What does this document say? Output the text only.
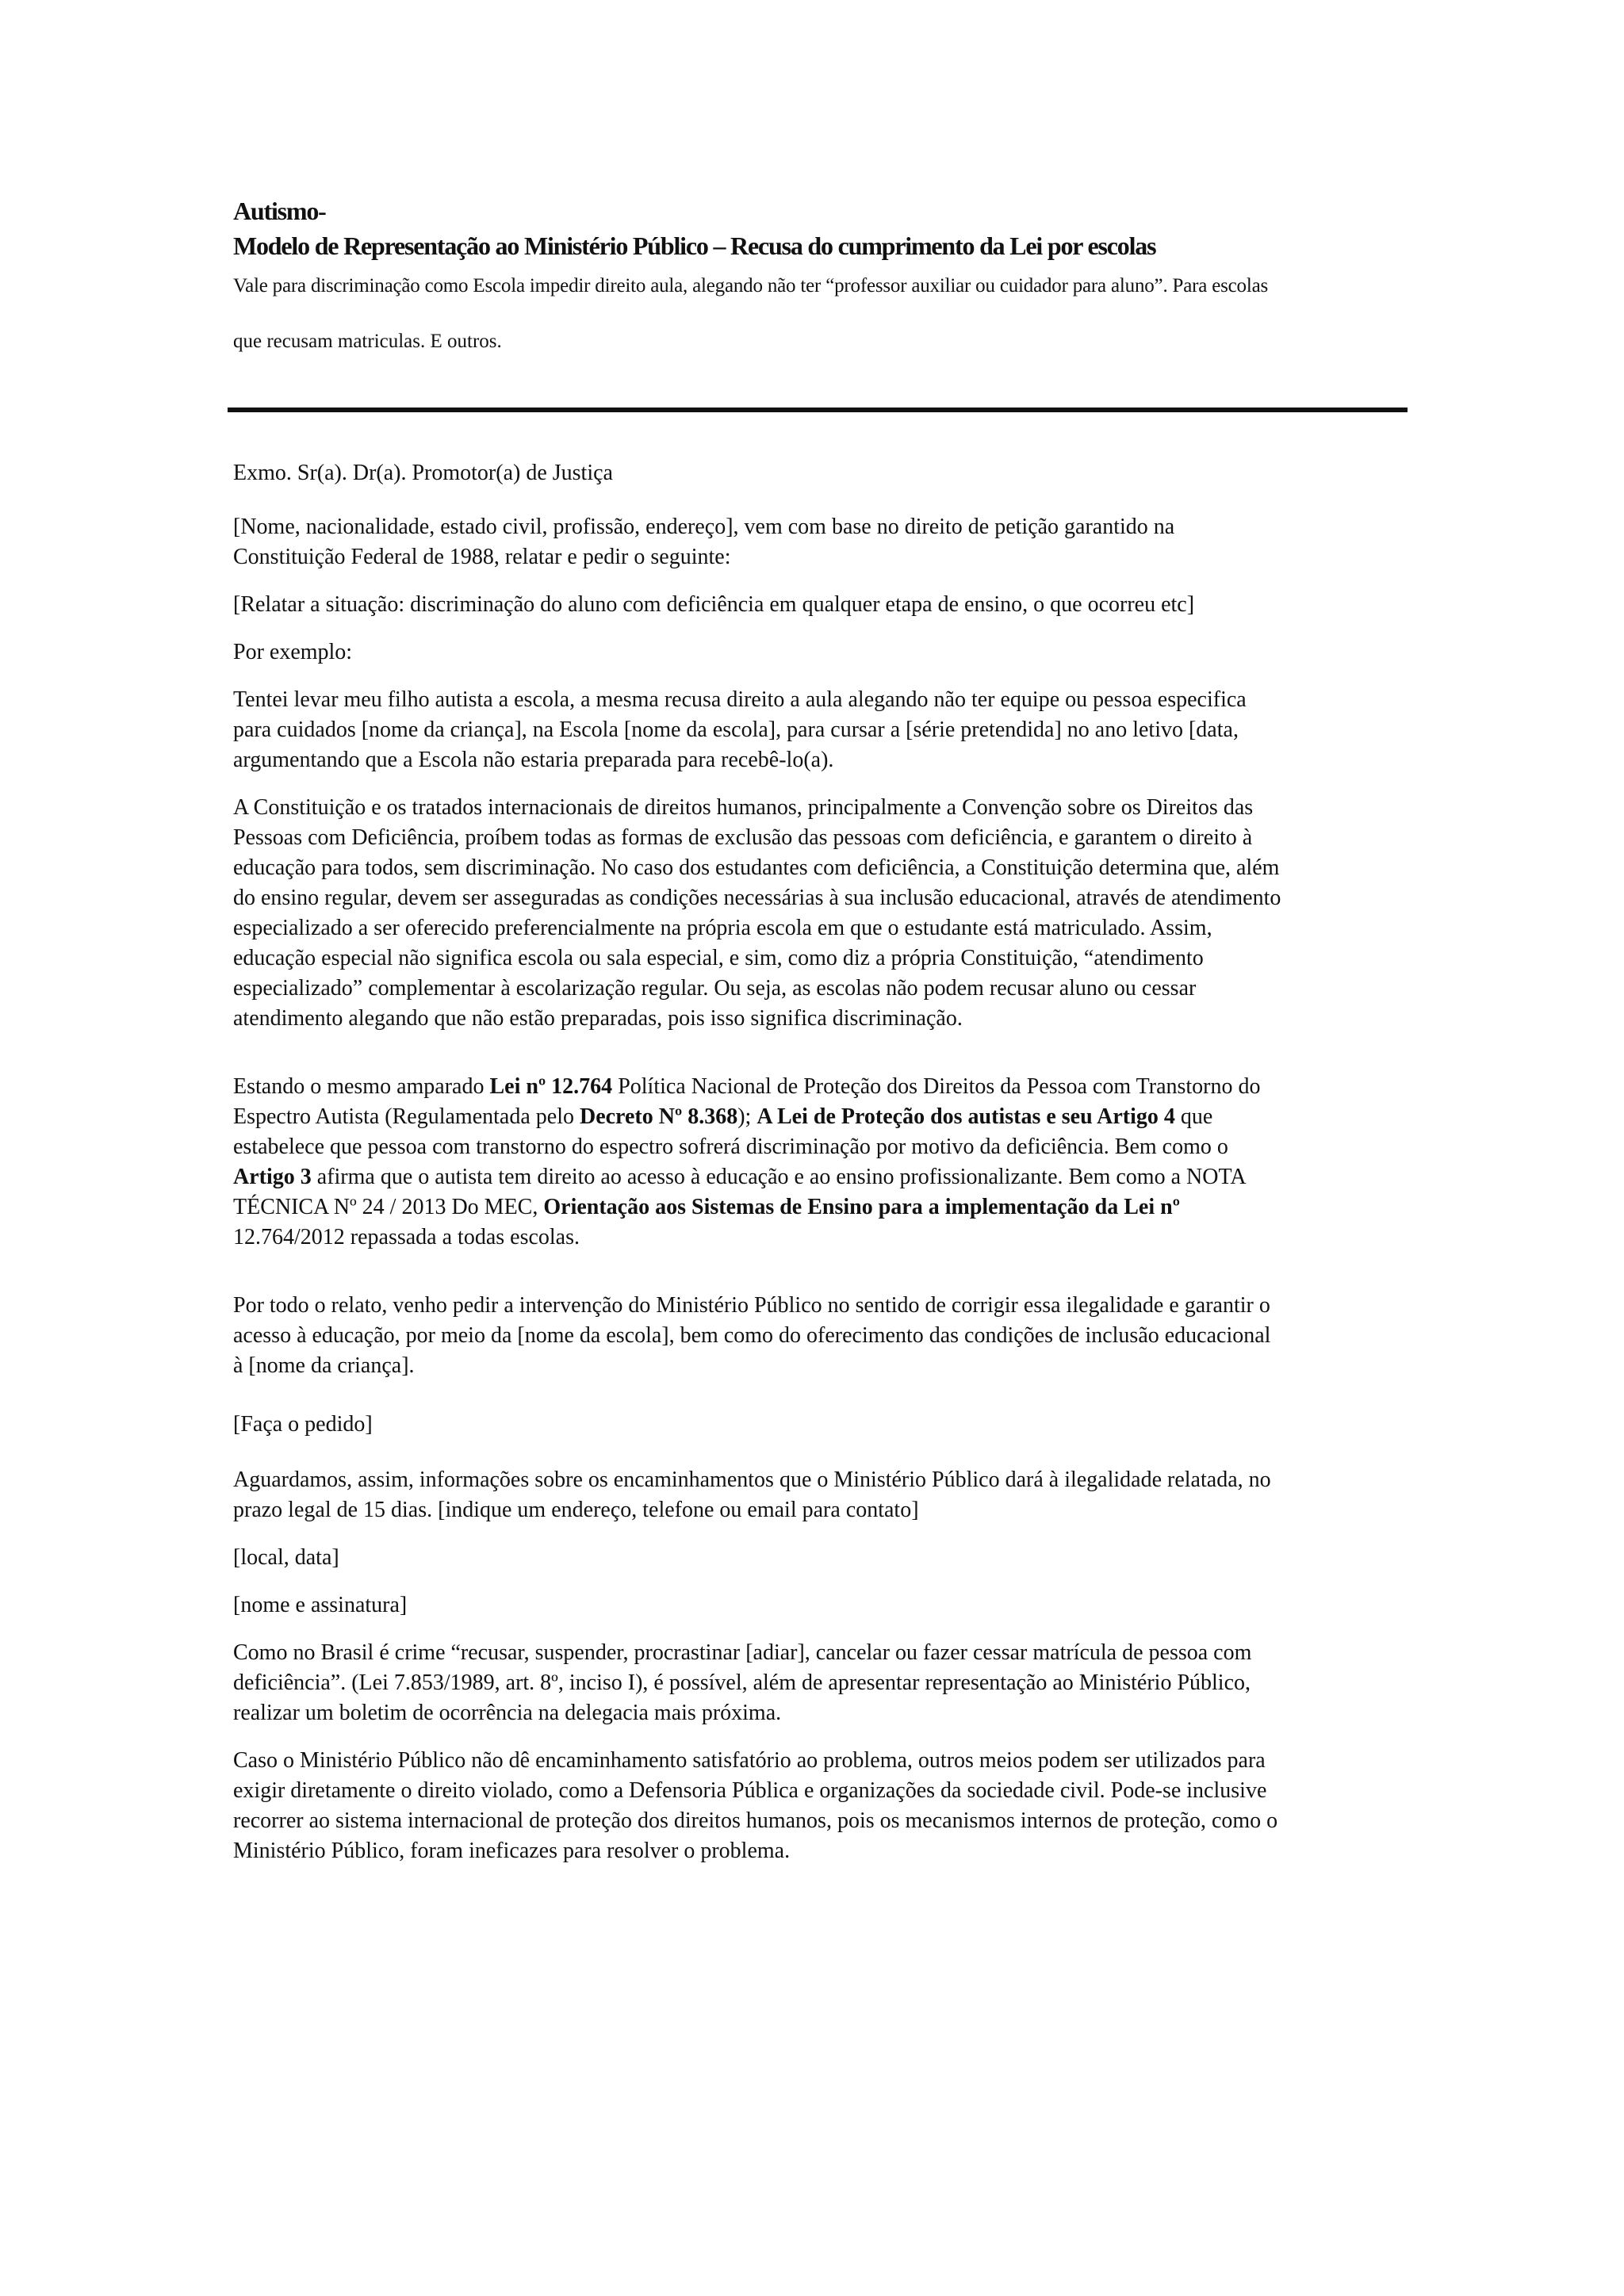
Autismo-
Modelo de Representação ao Ministério Público – Recusa do cumprimento da Lei por escolas
Vale para discriminação como Escola impedir direito aula, alegando não ter “professor auxiliar ou cuidador para aluno”. Para escolas
que recusam matriculas. E outros.
Exmo. Sr(a). Dr(a). Promotor(a) de Justiça
[Nome, nacionalidade, estado civil, profissão, endereço], vem com base no direito de petição garantido na
Constituição Federal de 1988, relatar e pedir o seguinte:
[Relatar a situação: discriminação do aluno com deficiência em qualquer etapa de ensino, o que ocorreu etc]
Por exemplo:
Tentei levar meu filho autista a escola, a mesma recusa direito a aula alegando não ter equipe ou pessoa especifica
para cuidados [nome da criança], na Escola [nome da escola], para cursar a [série pretendida] no ano letivo [data,
argumentando que a Escola não estaria preparada para recebê-lo(a).
A Constituição e os tratados internacionais de direitos humanos, principalmente a Convenção sobre os Direitos das
Pessoas com Deficiência, proíbem todas as formas de exclusão das pessoas com deficiência, e garantem o direito à
educação para todos, sem discriminação. No caso dos estudantes com deficiência, a Constituição determina que, além
do ensino regular, devem ser asseguradas as condições necessárias à sua inclusão educacional, através de atendimento
especializado a ser oferecido preferencialmente na própria escola em que o estudante está matriculado. Assim,
educação especial não significa escola ou sala especial, e sim, como diz a própria Constituição, “atendimento
especializado” complementar à escolarização regular. Ou seja, as escolas não podem recusar aluno ou cessar
atendimento alegando que não estão preparadas, pois isso significa discriminação.
Estando o mesmo amparado Lei nº 12.764 Política Nacional de Proteção dos Direitos da Pessoa com Transtorno do
Espectro Autista (Regulamentada pelo Decreto Nº 8.368); A Lei de Proteção dos autistas e seu Artigo 4 que
estabelece que pessoa com transtorno do espectro sofrerá discriminação por motivo da deficiência. Bem como o
Artigo 3 afirma que o autista tem direito ao acesso à educação e ao ensino profissionalizante. Bem como a NOTA
TÉCNICA Nº 24 / 2013 Do MEC, Orientação aos Sistemas de Ensino para a implementação da Lei nº
12.764/2012 repassada a todas escolas.
Por todo o relato, venho pedir a intervenção do Ministério Público no sentido de corrigir essa ilegalidade e garantir o
acesso à educação, por meio da [nome da escola], bem como do oferecimento das condições de inclusão educacional
à [nome da criança].
[Faça o pedido]
Aguardamos, assim, informações sobre os encaminhamentos que o Ministério Público dará à ilegalidade relatada, no
prazo legal de 15 dias. [indique um endereço, telefone ou email para contato]
[local, data]
[nome e assinatura]
Como no Brasil é crime “recusar, suspender, procrastinar [adiar], cancelar ou fazer cessar matrícula de pessoa com
deficiência”. (Lei 7.853/1989, art. 8º, inciso I), é possível, além de apresentar representação ao Ministério Público,
realizar um boletim de ocorrência na delegacia mais próxima.
Caso o Ministério Público não dê encaminhamento satisfatório ao problema, outros meios podem ser utilizados para
exigir diretamente o direito violado, como a Defensoria Pública e organizações da sociedade civil. Pode-se inclusive
recorrer ao sistema internacional de proteção dos direitos humanos, pois os mecanismos internos de proteção, como o
Ministério Público, foram ineficazes para resolver o problema.
